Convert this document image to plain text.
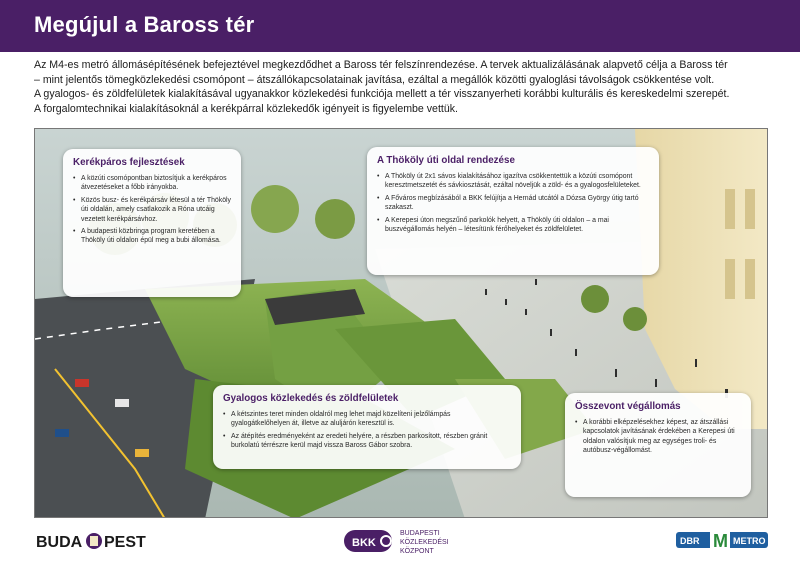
Megújul a Baross tér

Az M4-es metró állomásépítésének befejeztével megkezdődhet a Baross tér felszínrendezése. A tervek aktualizálásának alapvető célja a Baross tér

– mint jelentős tömegközlekedési csomópont – átszállókapcsolatainak javítása, ezáltal a megállók közötti gyaloglási távolságok csökkentése volt.

A gyalogos- és zöldfelületek kialakításával ugyanakkor közlekedési funkciója mellett a tér visszanyerheti korábbi kulturális és kereskedelmi szerepét.

A forgalomtechnikai kialakításoknál a kerékpárral közlekedők igényeit is figyelembe vettük.

Kerékpáros fejlesztések
• A közúti csomópontban biztosítjuk a kerékpáros átvezetéseket a főbb irányokba.
• Közös busz- és kerékpársáv létesül a tér Thököly úti oldalán, amely csatlakozik a Róna utcáig vezetett kerékpársávhoz.
• A budapesti közbringa program keretében a Thököly úti oldalon épül meg a bubi állomása.
A Thököly úti oldal rendezése
• A Thököly út 2x1 sávos kialakításához igazítva csökkentettük a közúti csomópont keresztmetszetét és sávkiosztását, ezáltal növeljük a zöld- és a gyalogosfelületeket.
• A Főváros megbízásából a BKK felújítja a Hernád utcától a Dózsa György útig tartó szakaszt.
• A Kerepesi úton megszűnő parkolók helyett, a Thököly úti oldalon – a mai buszvégállomás helyén – létesítünk férőhelyeket és zöldfelületet.
Gyalogos közlekedés és zöldfelületek
• A kétszintes teret minden oldalról meg lehet majd közelíteni jelzőlámpás gyalogátkelőhelyen át, illetve az aluljárón keresztül is.
• Az átépítés eredményeként az eredeti helyére, a részben parkosított, részben gránit burkolatú térrészre kerül majd vissza Baross Gábor szobra.
Összevont végállomás
• A korábbi elképzelésekhez képest, az átszállási kapcsolatok javításának érdekében a Kerepesi úti oldalon valósítjuk meg az egységes troli- és autóbusz-végállomást.
BUDA PEST	BKK
BUDAPESTI
KÖZLEKEDÉSI
KÖZPONT
DBR M METRO
